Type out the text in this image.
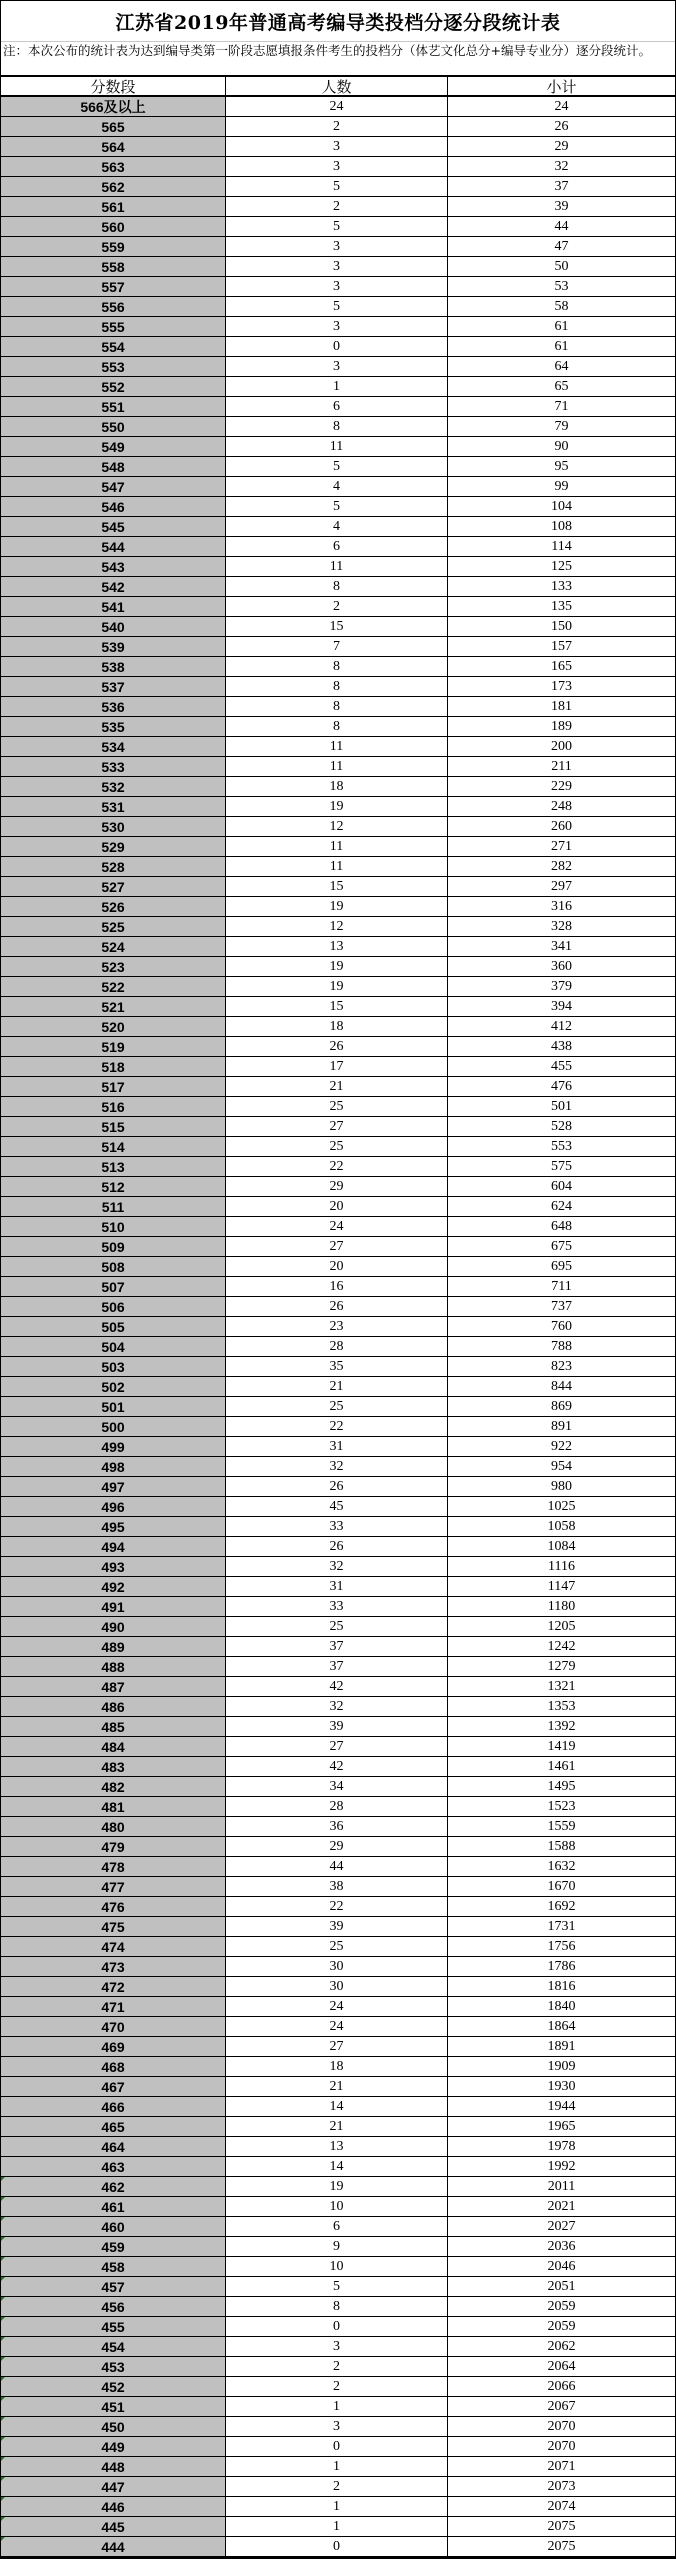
江苏省2019年普通高考编导类投档分逐分段统计表
注：本次公布的统计表为达到编导类第一阶段志愿填报条件考生的投档分（体艺文化总分+编导专业分）逐分段统计。
分数段	人数	小计
566及以上	24	24
565	2	26
564	3	29
563	3	32
562	5	37
561	2	39
560	5	44
559	3	47
558	3	50
557	3	53
556	5	58
555	3	61
554	0	61
553	3	64
552	1	65
551	6	71
550	8	79
549	11	90
548	5	95
547	4	99
546	5	104
545	4	108
544	6	114
543	11	125
542	8	133
541	2	135
540	15	150
539	7	157
538	8	165
537	8	173
536	8	181
535	8	189
534	11	200
533	11	211
532	18	229
531	19	248
530	12	260
529	11	271
528	11	282
527	15	297
526	19	316
525	12	328
524	13	341
523	19	360
522	19	379
521	15	394
520	18	412
519	26	438
518	17	455
517	21	476
516	25	501
515	27	528
514	25	553
513	22	575
512	29	604
511	20	624
510	24	648
509	27	675
508	20	695
507	16	711
506	26	737
505	23	760
504	28	788
503	35	823
502	21	844
501	25	869
500	22	891
499	31	922
498	32	954
497	26	980
496	45	1025
495	33	1058
494	26	1084
493	32	1116
492	31	1147
491	33	1180
490	25	1205
489	37	1242
488	37	1279
487	42	1321
486	32	1353
485	39	1392
484	27	1419
483	42	1461
482	34	1495
481	28	1523
480	36	1559
479	29	1588
478	44	1632
477	38	1670
476	22	1692
475	39	1731
474	25	1756
473	30	1786
472	30	1816
471	24	1840
470	24	1864
469	27	1891
468	18	1909
467	21	1930
466	14	1944
465	21	1965
464	13	1978
463	14	1992
462	19	2011
461	10	2021
460	6	2027
459	9	2036
458	10	2046
457	5	2051
456	8	2059
455	0	2059
454	3	2062
453	2	2064
452	2	2066
451	1	2067
450	3	2070
449	0	2070
448	1	2071
447	2	2073
446	1	2074
445	1	2075
444	0	2075
